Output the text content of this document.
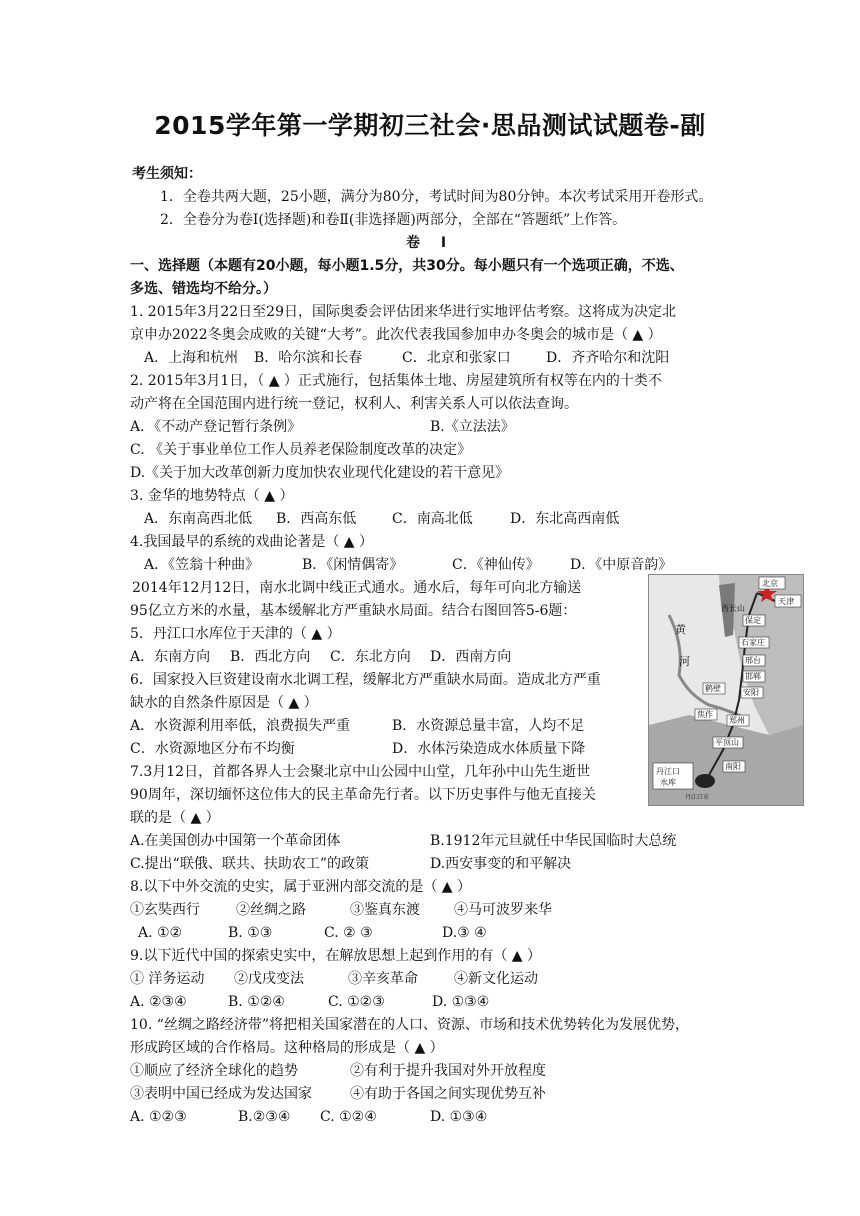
2015学年第一学期初三社会·思品测试试题卷-副
考生须知：
1．全卷共两大题，25小题，满分为80分，考试时间为80分钟。本次考试采用开卷形式。
2．全卷分为卷Ⅰ(选择题)和卷Ⅱ(非选择题)两部分，全部在“答题纸”上作答。
卷 Ⅰ
一、选择题（本题有20小题，每小题1.5分，共30分。每小题只有一个选项正确，不选、
多选、错选均不给分。）
1. 2015年3月22日至29日，国际奥委会评估团来华进行实地评估考察。这将成为决定北
京申办2022冬奥会成败的关键“大考”。此次代表我国参加申办冬奥会的城市是（ ▲ ）
A．上海和杭州 B．哈尔滨和长春	C．北京和张家口	D．齐齐哈尔和沈阳
2. 2015年3月1日，（ ▲ ）正式施行，包括集体土地、房屋建筑所有权等在内的十类不
动产将在全国范围内进行统一登记，权利人、利害关系人可以依法查询。
A．《不动产登记暂行条例》	B.《立法法》
C. 《关于事业单位工作人员养老保险制度改革的决定》
D.《关于加大改革创新力度加快农业现代化建设的若干意见》
3. 金华的地势特点（ ▲ ）
A．东南高西北低 B．西高东低	C．南高北低	D．东北高西南低
4.我国最早的系统的戏曲论著是（ ▲ ）
A．《笠翁十种曲》	B．《闲情偶寄》	C．《神仙传》 D．《中原音韵》
2014年12月12日，南水北调中线正式通水。通水后，每年可向北方输送
95亿立方米的水量，基本缓解北方严重缺水局面。结合右图回答5-6题：
5．丹江口水库位于天津的（ ▲ ）
A．东南方向 B．西北方向 C．东北方向 D．西南方向
6．国家投入巨资建设南水北调工程，缓解北方严重缺水局面。造成北方严重
缺水的自然条件原因是（ ▲ ）
A．水资源利用率低，浪费损失严重	B．水资源总量丰富，人均不足
C．水资源地区分布不均衡	D．水体污染造成水体质量下降
7.3月12日，首都各界人士会聚北京中山公园中山堂，几年孙中山先生逝世
90周年，深切缅怀这位伟大的民主革命先行者。以下历史事件与他无直接关
联的是（ ▲ ）
A.在美国创办中国第一个革命团体	B.1912年元旦就任中华民国临时大总统
C.提出“联俄、联共、扶助农工”的政策	D.西安事变的和平解决
8.以下中外交流的史实，属于亚洲内部交流的是（ ▲ ）
①玄奘西行	②丝绸之路	③鉴真东渡 ④马可波罗来华
A. ①②	B. ①③	C. ② ③	D.③ ④
9.以下近代中国的探索史实中，在解放思想上起到作用的有（ ▲ ）
① 洋务运动 ②戊戌变法	③辛亥革命	④新文化运动
A. ②③④	B. ①②④	C. ①②③	D. ①③④
10. “丝绸之路经济带”将把相关国家潜在的人口、资源、市场和技术优势转化为发展优势，
形成跨区域的合作格局。这种格局的形成是（ ▲ ）
①顺应了经济全球化的趋势	②有利于提升我国对外开放程度
③表明中国已经成为发达国家	④有助于各国之间实现优势互补
A. ①②③	B.②③④ C. ①②④	D. ①③④
北京
天津
西长山
保定
石家庄
邢台
邯郸
安阳
鹤壁
焦作
郑州
平顶山
南阳
黄
河
丹江口
水库
丹江口市
